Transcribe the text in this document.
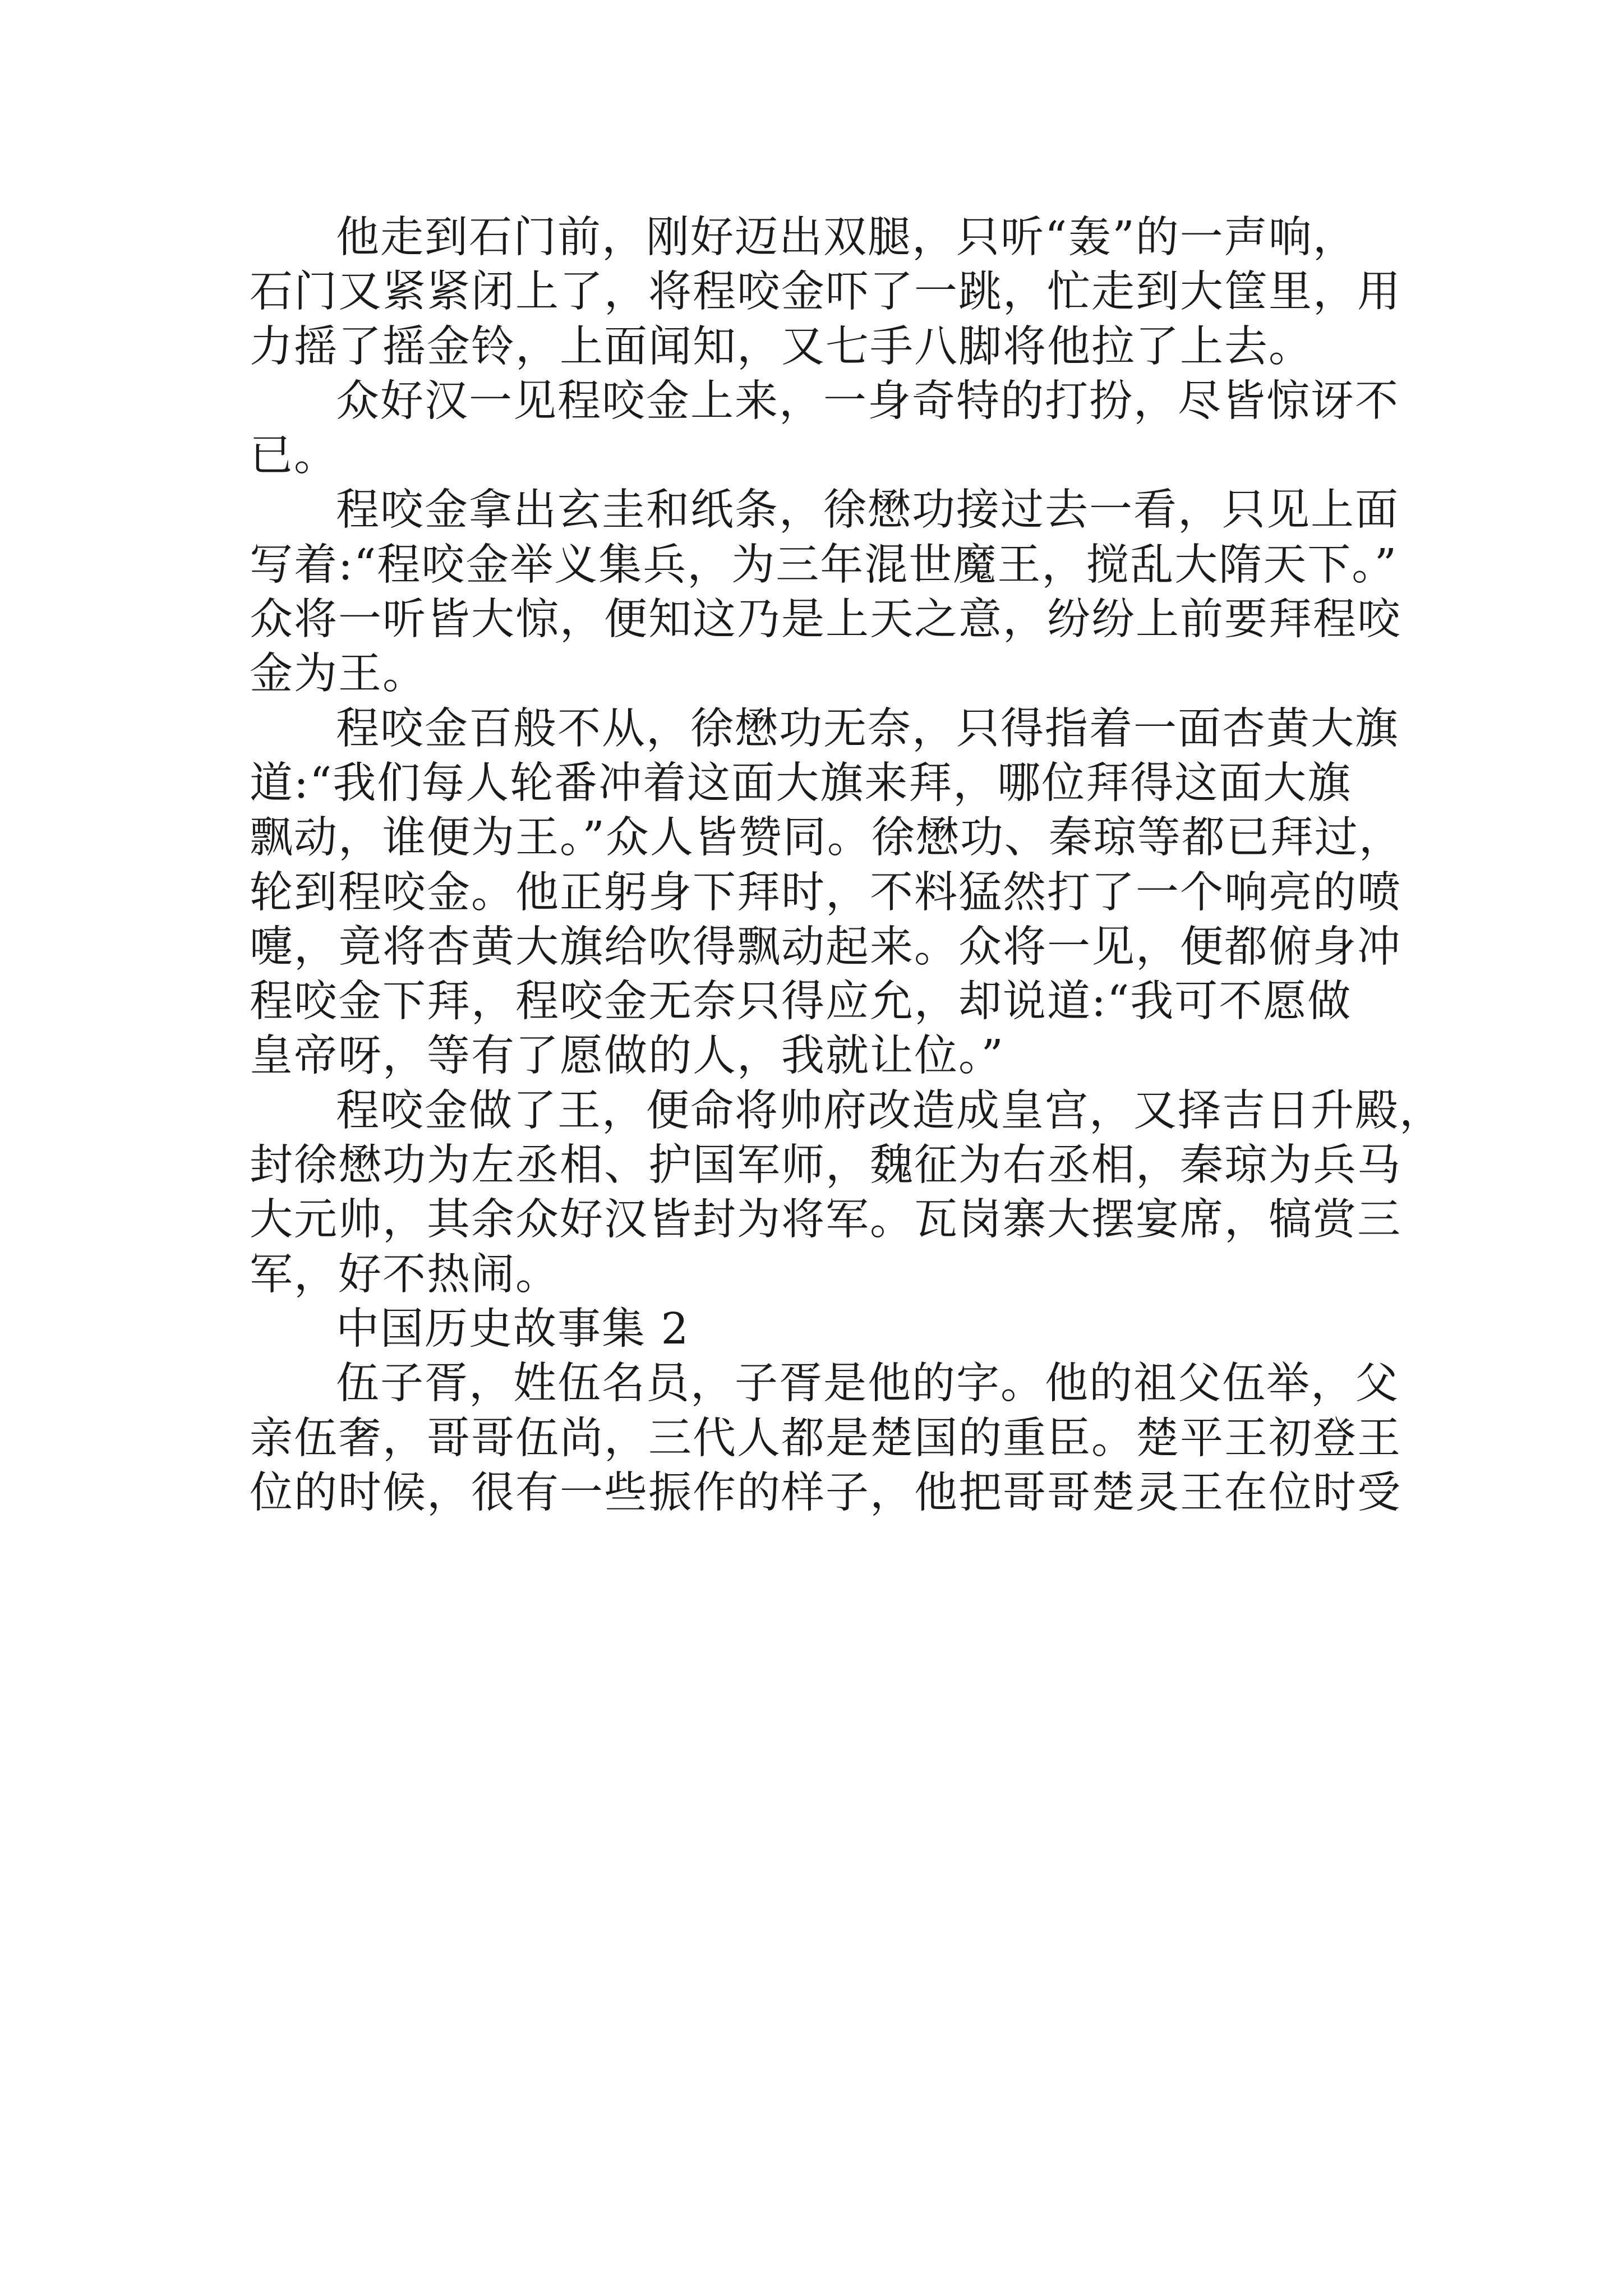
他走到石门前，刚好迈出双腿，只听“轰”的一声响，
石门又紧紧闭上了，将程咬金吓了一跳，忙走到大筐里，用
力摇了摇金铃，上面闻知，又七手八脚将他拉了上去。
众好汉一见程咬金上来，一身奇特的打扮，尽皆惊讶不
已。
程咬金拿出玄圭和纸条，徐懋功接过去一看，只见上面
写着:“程咬金举义集兵，为三年混世魔王，搅乱大隋天下。”
众将一听皆大惊，便知这乃是上天之意，纷纷上前要拜程咬
金为王。
程咬金百般不从，徐懋功无奈，只得指着一面杏黄大旗
道:“我们每人轮番冲着这面大旗来拜，哪位拜得这面大旗
飘动，谁便为王。”众人皆赞同。徐懋功、秦琼等都已拜过，
轮到程咬金。他正躬身下拜时，不料猛然打了一个响亮的喷
嚏，竟将杏黄大旗给吹得飘动起来。众将一见，便都俯身冲
程咬金下拜，程咬金无奈只得应允，却说道:“我可不愿做
皇帝呀，等有了愿做的人，我就让位。”
程咬金做了王，便命将帅府改造成皇宫，又择吉日升殿，
封徐懋功为左丞相、护国军师，魏征为右丞相，秦琼为兵马
大元帅，其余众好汉皆封为将军。瓦岗寨大摆宴席，犒赏三
军，好不热闹。
中国历史故事集 2
伍子胥，姓伍名员，子胥是他的字。他的祖父伍举，父
亲伍奢，哥哥伍尚，三代人都是楚国的重臣。楚平王初登王
位的时候，很有一些振作的样子，他把哥哥楚灵王在位时受
